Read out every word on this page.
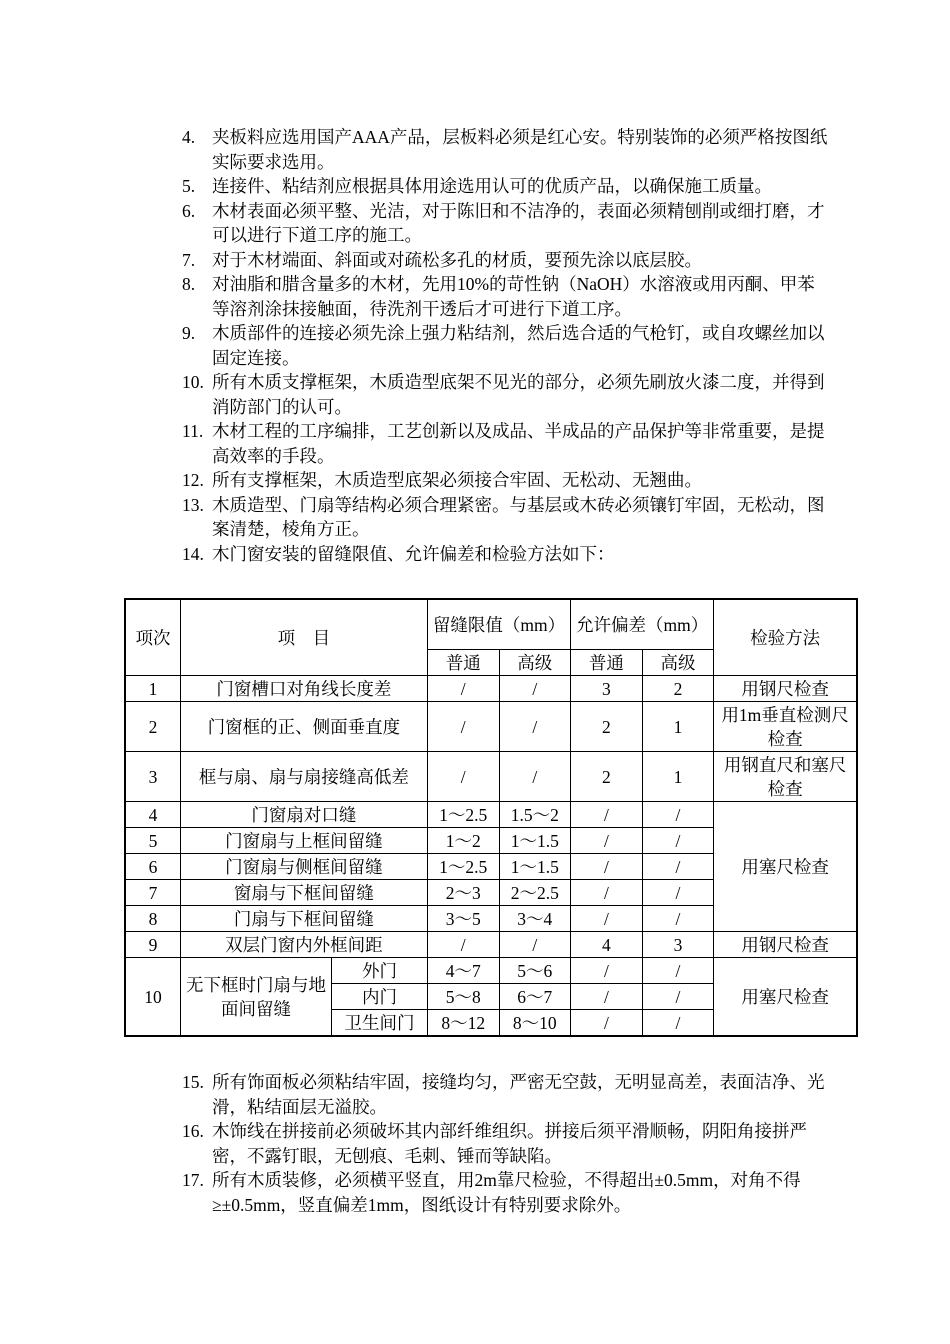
4. 夹板料应选用国产AAA产品，层板料必须是红心安。特别装饰的必须严格按图纸实际要求选用。
5. 连接件、粘结剂应根据具体用途选用认可的优质产品，以确保施工质量。
6. 木材表面必须平整、光洁，对于陈旧和不洁净的，表面必须精刨削或细打磨，才可以进行下道工序的施工。
7. 对于木材端面、斜面或对疏松多孔的材质，要预先涂以底层胶。
8. 对油脂和腊含量多的木材，先用10%的苛性钠（NaOH）水溶液或用丙酮、甲苯等溶剂涂抹接触面，待洗剂干透后才可进行下道工序。
9. 木质部件的连接必须先涂上强力粘结剂，然后选合适的气枪钉，或自攻螺丝加以固定连接。
10. 所有木质支撑框架，木质造型底架不见光的部分，必须先刷放火漆二度，并得到消防部门的认可。
11. 木材工程的工序编排，工艺创新以及成品、半成品的产品保护等非常重要，是提高效率的手段。
12. 所有支撑框架，木质造型底架必须接合牢固、无松动、无翘曲。
13. 木质造型、门扇等结构必须合理紧密。与基层或木砖必须镶钉牢固，无松动，图案清楚，棱角方正。
14. 木门窗安装的留缝限值、允许偏差和检验方法如下：
项次	项　目		留缝限值（mm）		允许偏差（mm）		检验方法
			普通	高级	普通	高级	
1	门窗槽口对角线长度差		/	/	3	2	用钢尺检查
2	门窗框的正、侧面垂直度		/	/	2	1	用1m垂直检测尺检查
3	框与扇、扇与扇接缝高低差		/	/	2	1	用钢直尺和塞尺检查
4	门窗扇对口缝		1～2.5	1.5～2	/	/	用塞尺检查
5	门窗扇与上框间留缝		1～2	1～1.5	/	/	
6	门窗扇与侧框间留缝		1～2.5	1～1.5	/	/	
7	窗扇与下框间留缝		2～3	2～2.5	/	/	
8	门扇与下框间留缝		3～5	3～4	/	/	
9	双层门窗内外框间距		/	/	4	3	用钢尺检查
10	无下框时门扇与地面间留缝	外门	4～7	5～6	/	/	用塞尺检查
		内门	5～8	6～7	/	/	
		卫生间门	8～12	8～10	/	/	
15. 所有饰面板必须粘结牢固，接缝均匀，严密无空鼓，无明显高差，表面洁净、光滑，粘结面层无溢胶。
16. 木饰线在拼接前必须破坏其内部纤维组织。拼接后须平滑顺畅，阴阳角接拼严密，不露钉眼，无刨痕、毛刺、锤而等缺陷。
17. 所有木质装修，必须横平竖直，用2m靠尺检验，不得超出±0.5mm，对角不得≥±0.5mm，竖直偏差1mm，图纸设计有特别要求除外。
